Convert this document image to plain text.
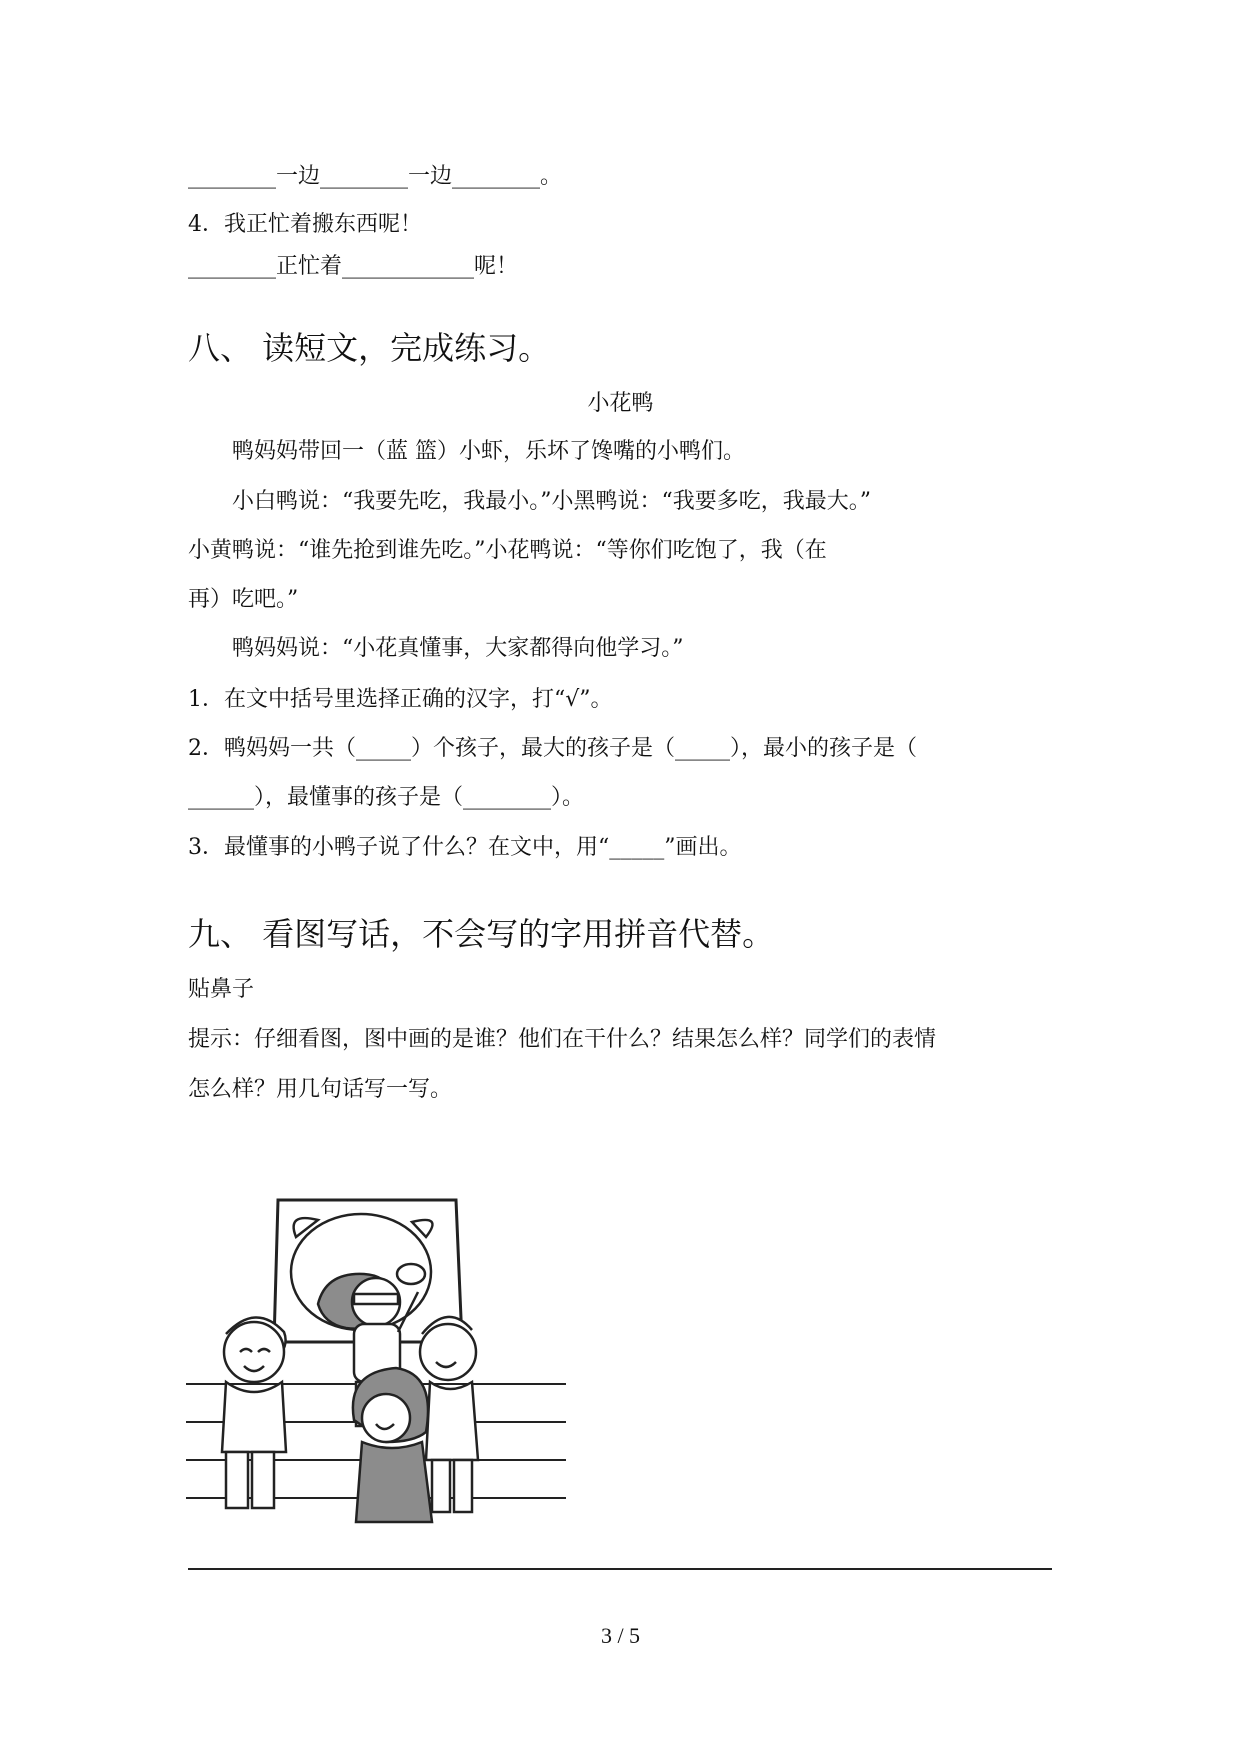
________一边________一边________。
4．我正忙着搬东西呢！
________正忙着____________呢！
八、 读短文，完成练习。
小花鸭
鸭妈妈带回一（蓝 篮）小虾，乐坏了馋嘴的小鸭们。
小白鸭说：“我要先吃，我最小。”小黑鸭说：“我要多吃，我最大。”
小黄鸭说：“谁先抢到谁先吃。”小花鸭说：“等你们吃饱了，我（在
再）吃吧。”
鸭妈妈说：“小花真懂事，大家都得向他学习。”
1．在文中括号里选择正确的汉字，打“√”。
2．鸭妈妈一共（_____）个孩子，最大的孩子是（_____），最小的孩子是（
______），最懂事的孩子是（________）。
3．最懂事的小鸭子说了什么？在文中，用“_____”画出。
九、 看图写话，不会写的字用拼音代替。
贴鼻子
提示：仔细看图，图中画的是谁？他们在干什么？结果怎么样？同学们的表情
怎么样？用几句话写一写。
3 / 5
